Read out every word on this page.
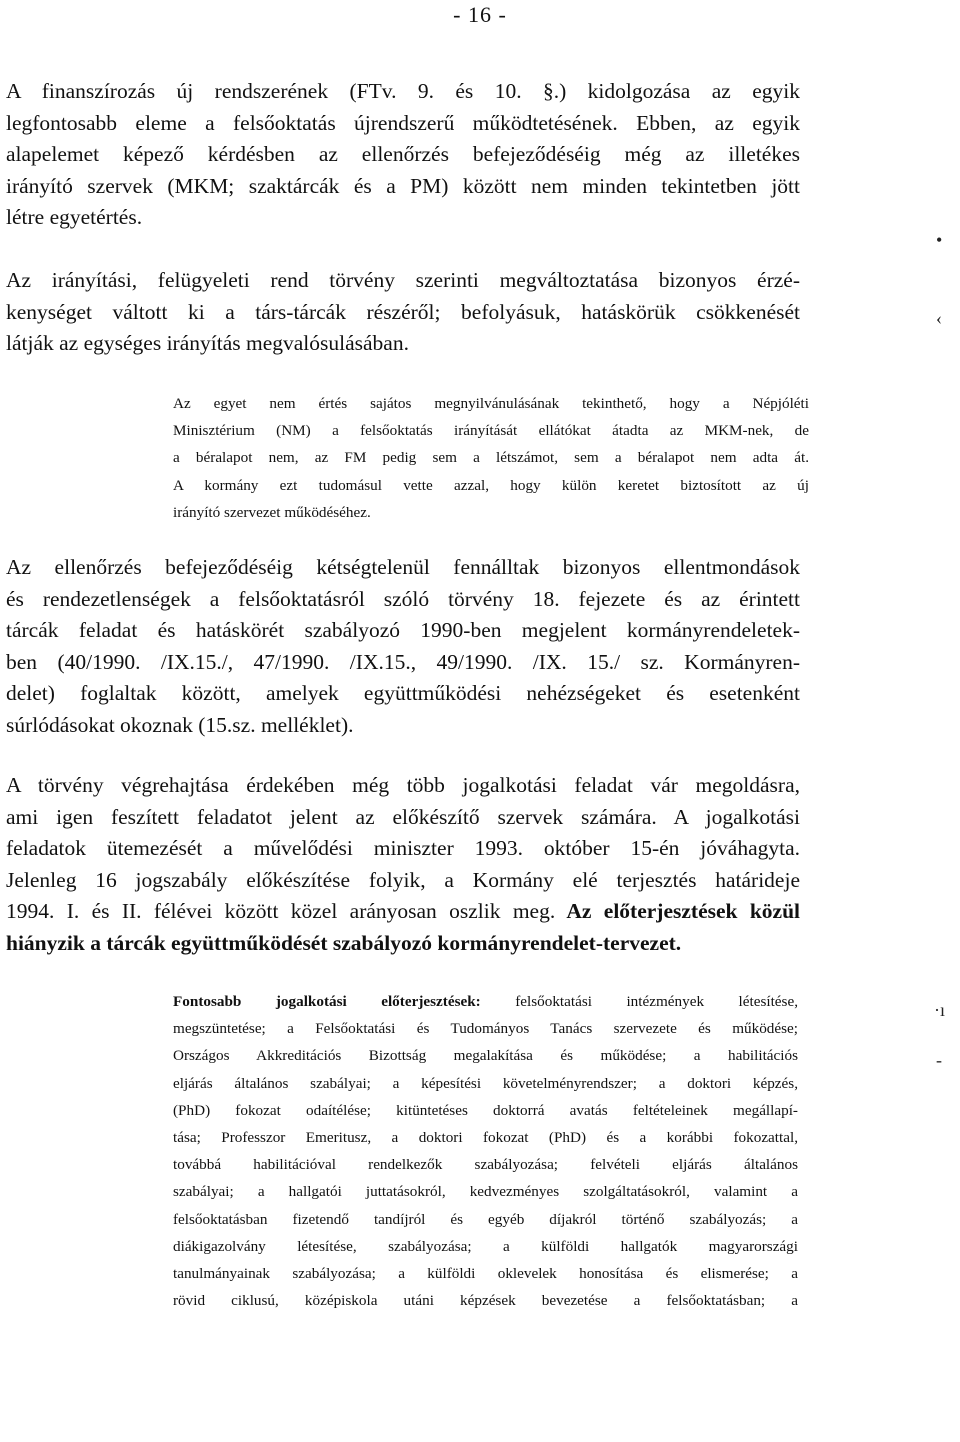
- 16 -
A finanszírozás új rendszerének (FTv. 9. és 10. §.) kidolgozása az egyik
legfontosabb eleme a felsőoktatás újrendszerű működtetésének. Ebben, az egyik
alapelemet képező kérdésben az ellenőrzés befejeződéséig még az illetékes
irányító szervek (MKM; szaktárcák és a PM) között nem minden tekintetben jött
létre egyetértés.
Az irányítási, felügyeleti rend törvény szerinti megváltoztatása bizonyos érzé-
kenységet váltott ki a társ-tárcák részéről; befolyásuk, hatáskörük csökkenését
látják az egységes irányítás megvalósulásában.
Az egyet nem értés sajátos megnyilvánulásának tekinthető, hogy a Népjóléti
Minisztérium (NM) a felsőoktatás irányítását ellátókat átadta az MKM-nek, de
a béralapot nem, az FM pedig sem a létszámot, sem a béralapot nem adta át.
A kormány ezt tudomásul vette azzal, hogy külön keretet biztosított az új
irányító szervezet működéséhez.
Az ellenőrzés befejeződéséig kétségtelenül fennálltak bizonyos ellentmondások
és rendezetlenségek a felsőoktatásról szóló törvény 18. fejezete és az érintett
tárcák feladat és hatáskörét szabályozó 1990-ben megjelent kormányrendeletek-
ben (40/1990. /IX.15./, 47/1990. /IX.15., 49/1990. /IX. 15./ sz. Kormányren-
delet) foglaltak között, amelyek együttműködési nehézségeket és esetenként
súrlódásokat okoznak (15.sz. melléklet).
A törvény végrehajtása érdekében még több jogalkotási feladat vár megoldásra,
ami igen feszített feladatot jelent az előkészítő szervek számára. A jogalkotási
feladatok ütemezését a művelődési miniszter 1993. október 15-én jóváhagyta.
Jelenleg 16 jogszabály előkészítése folyik, a Kormány elé terjesztés határideje
1994. I. és II. félévei között közel arányosan oszlik meg. Az előterjesztések közül
hiányzik a tárcák együttműködését szabályozó kormányrendelet-tervezet.
Fontosabb jogalkotási előterjesztések: felsőoktatási intézmények létesítése,
megszüntetése; a Felsőoktatási és Tudományos Tanács szervezete és működése;
Országos Akkreditációs Bizottság megalakítása és működése; a habilitációs
eljárás általános szabályai; a képesítési követelményrendszer; a doktori képzés,
(PhD) fokozat odaítélése; kitüntetéses doktorrá avatás feltételeinek megállapí-
tása; Professzor Emeritusz, a doktori fokozat (PhD) és a korábbi fokozattal,
továbbá habilitációval rendelkezők szabályozása; felvételi eljárás általános
szabályai; a hallgatói juttatásokról, kedvezményes szolgáltatásokról, valamint a
felsőoktatásban fizetendő tandíjról és egyéb díjakról történő szabályozás; a
diákigazolvány létesítése, szabályozása; a külföldi hallgatók magyarországi
tanulmányainak szabályozása; a külföldi oklevelek honosítása és elismerése; a
rövid ciklusú, középiskola utáni képzések bevezetése a felsőoktatásban; a
•
‹
·ı
-
